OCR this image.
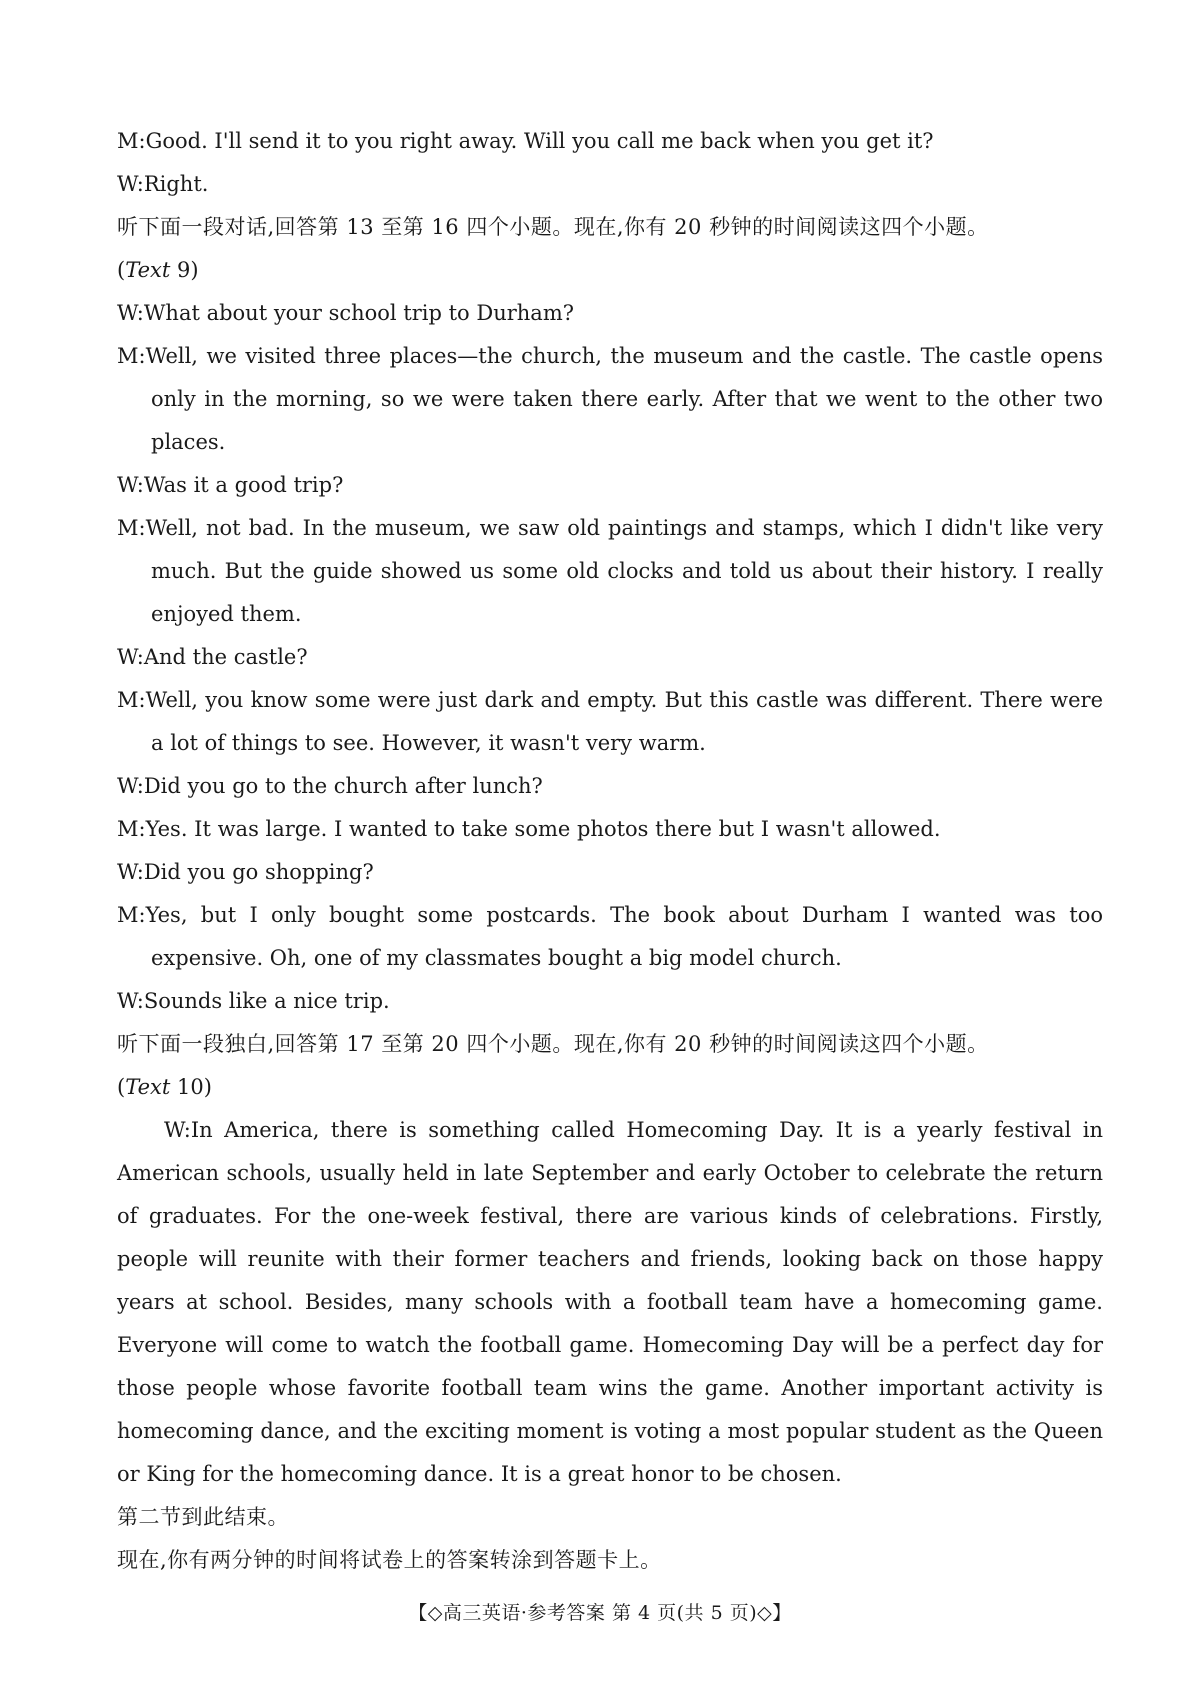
M:Good. I'll send it to you right away. Will you call me back when you get it?
W:Right.
听下面一段对话,回答第 13 至第 16 四个小题。现在,你有 20 秒钟的时间阅读这四个小题。
(Text 9)
W:What about your school trip to Durham?
M:Well, we visited three places—the church, the museum and the castle. The castle opens only in the morning, so we were taken there early. After that we went to the other two places.
W:Was it a good trip?
M:Well, not bad. In the museum, we saw old paintings and stamps, which I didn't like very much. But the guide showed us some old clocks and told us about their history. I really enjoyed them.
W:And the castle?
M:Well, you know some were just dark and empty. But this castle was different. There were a lot of things to see. However, it wasn't very warm.
W:Did you go to the church after lunch?
M:Yes. It was large. I wanted to take some photos there but I wasn't allowed.
W:Did you go shopping?
M:Yes, but I only bought some postcards. The book about Durham I wanted was too expensive. Oh, one of my classmates bought a big model church.
W:Sounds like a nice trip.
听下面一段独白,回答第 17 至第 20 四个小题。现在,你有 20 秒钟的时间阅读这四个小题。
(Text 10)
W:In America, there is something called Homecoming Day. It is a yearly festival in American schools, usually held in late September and early October to celebrate the return of graduates. For the one-week festival, there are various kinds of celebrations. Firstly, people will reunite with their former teachers and friends, looking back on those happy years at school. Besides, many schools with a football team have a homecoming game. Everyone will come to watch the football game. Homecoming Day will be a perfect day for those people whose favorite football team wins the game. Another important activity is homecoming dance, and the exciting moment is voting a most popular student as the Queen or King for the homecoming dance. It is a great honor to be chosen.
第二节到此结束。
现在,你有两分钟的时间将试卷上的答案转涂到答题卡上。
【◇高三英语·参考答案 第 4 页(共 5 页)◇】
